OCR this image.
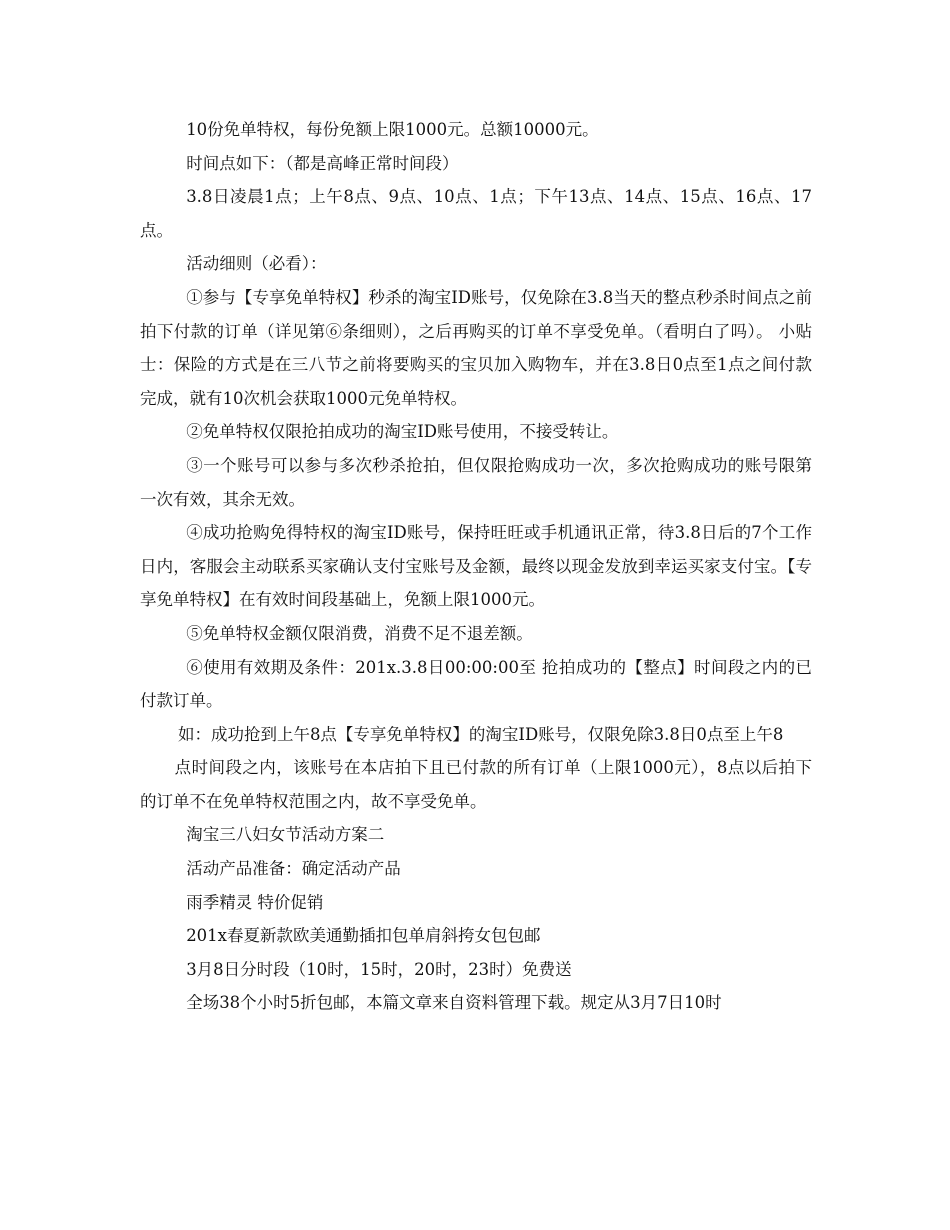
10份免单特权，每份免额上限1000元。总额10000元。

时间点如下：（都是高峰正常时间段）

3.8日凌晨1点；上午8点、9点、10点、1点；下午13点、14点、15点、16点、17点。

活动细则（必看）：

①参与【专享免单特权】秒杀的淘宝ID账号，仅免除在3.8当天的整点秒杀时间点之前拍下付款的订单（详见第⑥条细则），之后再购买的订单不享受免单。（看明白了吗）。 小贴士：保险的方式是在三八节之前将要购买的宝贝加入购物车，并在3.8日0点至1点之间付款完成，就有10次机会获取1000元免单特权。

②免单特权仅限抢拍成功的淘宝ID账号使用，不接受转让。

③一个账号可以参与多次秒杀抢拍，但仅限抢购成功一次，多次抢购成功的账号限第一次有效，其余无效。

④成功抢购免得特权的淘宝ID账号，保持旺旺或手机通讯正常，待3.8日后的7个工作日内，客服会主动联系买家确认支付宝账号及金额，最终以现金发放到幸运买家支付宝。【专享免单特权】在有效时间段基础上，免额上限1000元。

⑤免单特权金额仅限消费，消费不足不退差额。

⑥使用有效期及条件：201x.3.8日00:00:00至 抢拍成功的【整点】时间段之内的已付款订单。

如：成功抢到上午8点【专享免单特权】的淘宝ID账号，仅限免除3.8日0点至上午8

点时间段之内，该账号在本店拍下且已付款的所有订单（上限1000元），8点以后拍下的订单不在免单特权范围之内，故不享受免单。

淘宝三八妇女节活动方案二

活动产品准备：确定活动产品

雨季精灵 特价促销

201x春夏新款欧美通勤插扣包单肩斜挎女包包邮

3月8日分时段（10时，15时，20时，23时）免费送

全场38个小时5折包邮，本篇文章来自资料管理下载。规定从3月7日10时
